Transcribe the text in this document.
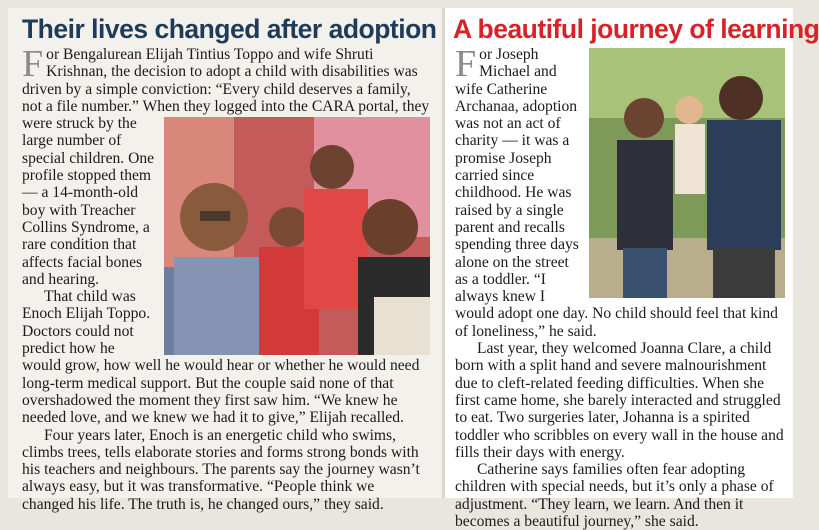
Their lives changed after adoption

For Bengalurean Elijah Tintius Toppo and wife Shruti Krishnan, the decision to adopt a child with disabilities was driven by a simple conviction: “Every child deserves a family, not a file number.” When they logged into the CARA portal, they were struck by
the large number of special children. One profile stopped them — a 14-month-old boy with Treacher Collins Syndrome, a rare condition that affects facial bones and hearing.

That child was Enoch Elijah Toppo. Doctors could not predict how he would grow, how well he would hear or whether he would need long-term medical support. But the couple said none of that overshadowed the moment they first saw him. “We knew he needed love, and we knew we had it to give,” Elijah recalled.

Four years later, Enoch is an energetic child who swims, climbs trees, tells elaborate stories and forms strong bonds with his teachers and neighbours. The parents say the journey wasn’t always easy, but it was transformative. “People think we changed his life. The truth is, he changed ours,” they said.

A beautiful journey of learning

F or Joseph Michael and wife Catherine Archanaa, adoption was not an act of charity — it was a promise Joseph carried since childhood. He was raised by a single parent and recalls spending three days alone on the street as a toddler. “I always knew I would adopt one day. No child should feel that kind of loneliness,” he said.

Last year, they welcomed Joanna Clare, a child born with a split hand and severe malnourishment due to cleft-related feeding difficulties. When she first came home, she barely interacted and struggled to eat. Two surgeries later, Johanna is a spirited toddler who scribbles on every wall in the house and fills their days with energy.

Catherine says families often fear adopting children with special needs, but it’s only a phase of adjustment. “They learn, we learn. And then it becomes a beautiful journey,” she said.
